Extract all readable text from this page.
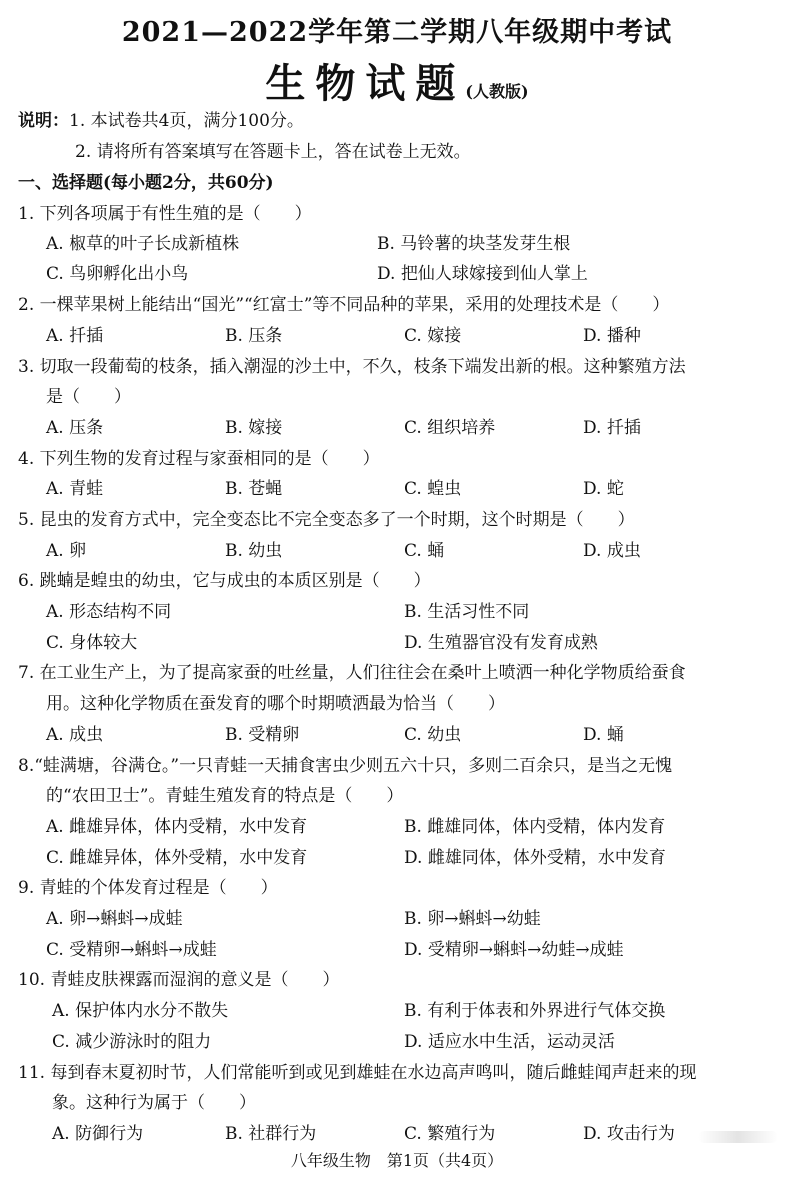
2021—2022学年第二学期八年级期中考试
生物试题(人教版)
说明：1. 本试卷共4页，满分100分。
2. 请将所有答案填写在答题卡上，答在试卷上无效。
一、选择题(每小题2分，共60分)
1. 下列各项属于有性生殖的是（　　）
A. 椒草的叶子长成新植株	B. 马铃薯的块茎发芽生根
C. 鸟卵孵化出小鸟	D. 把仙人球嫁接到仙人掌上
2. 一棵苹果树上能结出“国光”“红富士”等不同品种的苹果，采用的处理技术是（　　）
A. 扦插	B. 压条	C. 嫁接	D. 播种
3. 切取一段葡萄的枝条，插入潮湿的沙土中，不久，枝条下端发出新的根。这种繁殖方法
是（　　）
A. 压条	B. 嫁接	C. 组织培养	D. 扦插
4. 下列生物的发育过程与家蚕相同的是（　　）
A. 青蛙	B. 苍蝇	C. 蝗虫	D. 蛇
5. 昆虫的发育方式中，完全变态比不完全变态多了一个时期，这个时期是（　　）
A. 卵	B. 幼虫	C. 蛹	D. 成虫
6. 跳蝻是蝗虫的幼虫，它与成虫的本质区别是（　　）
A. 形态结构不同	B. 生活习性不同
C. 身体较大	D. 生殖器官没有发育成熟
7. 在工业生产上，为了提高家蚕的吐丝量，人们往往会在桑叶上喷洒一种化学物质给蚕食
用。这种化学物质在蚕发育的哪个时期喷洒最为恰当（　　）
A. 成虫	B. 受精卵	C. 幼虫	D. 蛹
8.“蛙满塘，谷满仓。”一只青蛙一天捕食害虫少则五六十只，多则二百余只，是当之无愧
的“农田卫士”。青蛙生殖发育的特点是（　　）
A. 雌雄异体，体内受精，水中发育	B. 雌雄同体，体内受精，体内发育
C. 雌雄异体，体外受精，水中发育	D. 雌雄同体，体外受精，水中发育
9. 青蛙的个体发育过程是（　　）
A. 卵→蝌蚪→成蛙	B. 卵→蝌蚪→幼蛙
C. 受精卵→蝌蚪→成蛙	D. 受精卵→蝌蚪→幼蛙→成蛙
10. 青蛙皮肤裸露而湿润的意义是（　　）
A. 保护体内水分不散失	B. 有利于体表和外界进行气体交换
C. 减少游泳时的阻力	D. 适应水中生活，运动灵活
11. 每到春末夏初时节，人们常能听到或见到雄蛙在水边高声鸣叫，随后雌蛙闻声赶来的现
象。这种行为属于（　　）
A. 防御行为	B. 社群行为	C. 繁殖行为	D. 攻击行为
八年级生物　第1页（共4页）
